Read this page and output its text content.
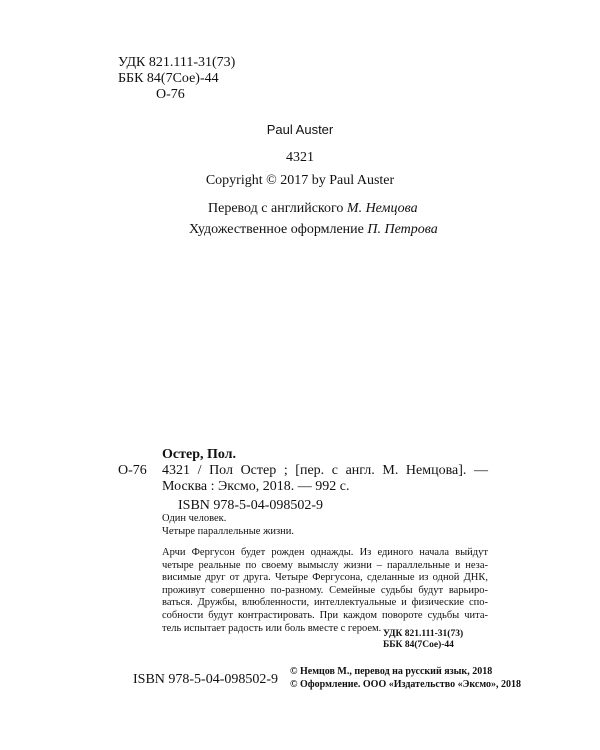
УДК 821.111-31(73)
ББК 84(7Сое)-44
О-76
Paul Auster
4321
Copyright © 2017 by Paul Auster
Перевод с английского М. Немцова
Художественное оформление П. Петрова
Остер, Пол.
О-76 4321 / Пол Остер ; [пер. с англ. М. Немцова]. — Москва : Эксмо, 2018. — 992 с.
ISBN 978-5-04-098502-9
Один человек.
Четыре параллельные жизни.
Арчи Фергусон будет рожден однажды. Из единого начала выйдут
четыре реальные по своему вымыслу жизни – параллельные и неза-
висимые друг от друга. Четыре Фергусона, сделанные из одной ДНК,
проживут совершенно по-разному. Семейные судьбы будут варьиро-
ваться. Дружбы, влюбленности, интеллектуальные и физические спо-
собности будут контрастировать. При каждом повороте судьбы чита-
тель испытает радость или боль вместе с героем.
УДК 821.111-31(73)
ББК 84(7Сое)-44
ISBN 978-5-04-098502-9
© Немцов М., перевод на русский язык, 2018
© Оформление. ООО «Издательство «Эксмо», 2018
